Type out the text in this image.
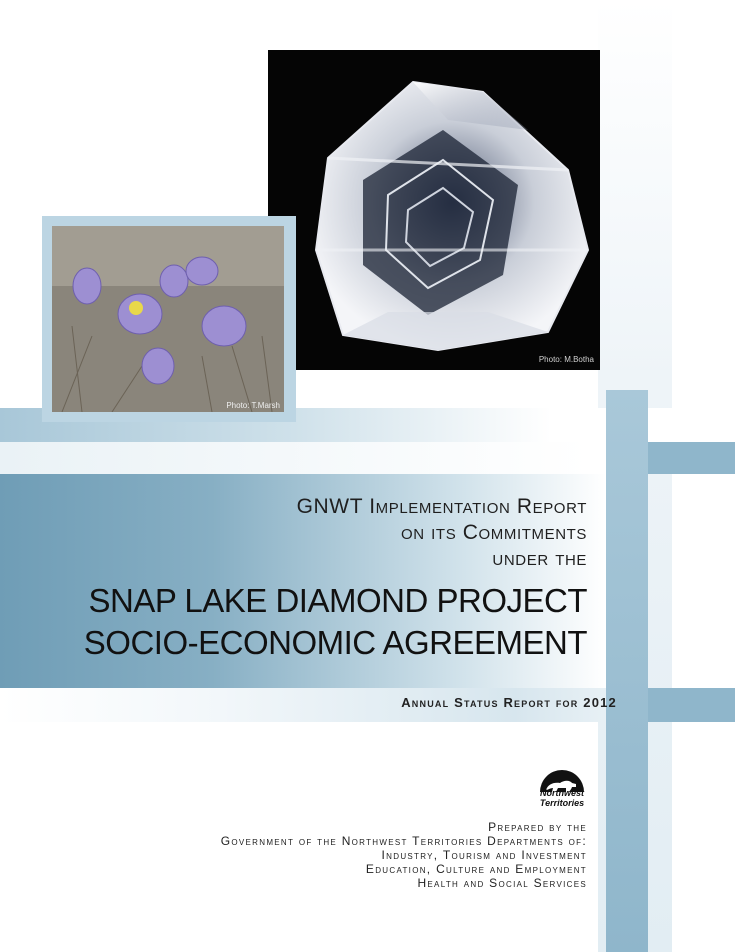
Photo: M.Botha
Photo: T.Marsh
GNWT Implementation Report
on its Commitments
under the
SNAP LAKE DIAMOND PROJECT
SOCIO-ECONOMIC AGREEMENT
Annual Status Report for 2012
Northwest
Territories
Prepared by the
Government of the Northwest Territories Departments of:
Industry, Tourism and Investment
Education, Culture and Employment
Health and Social Services
